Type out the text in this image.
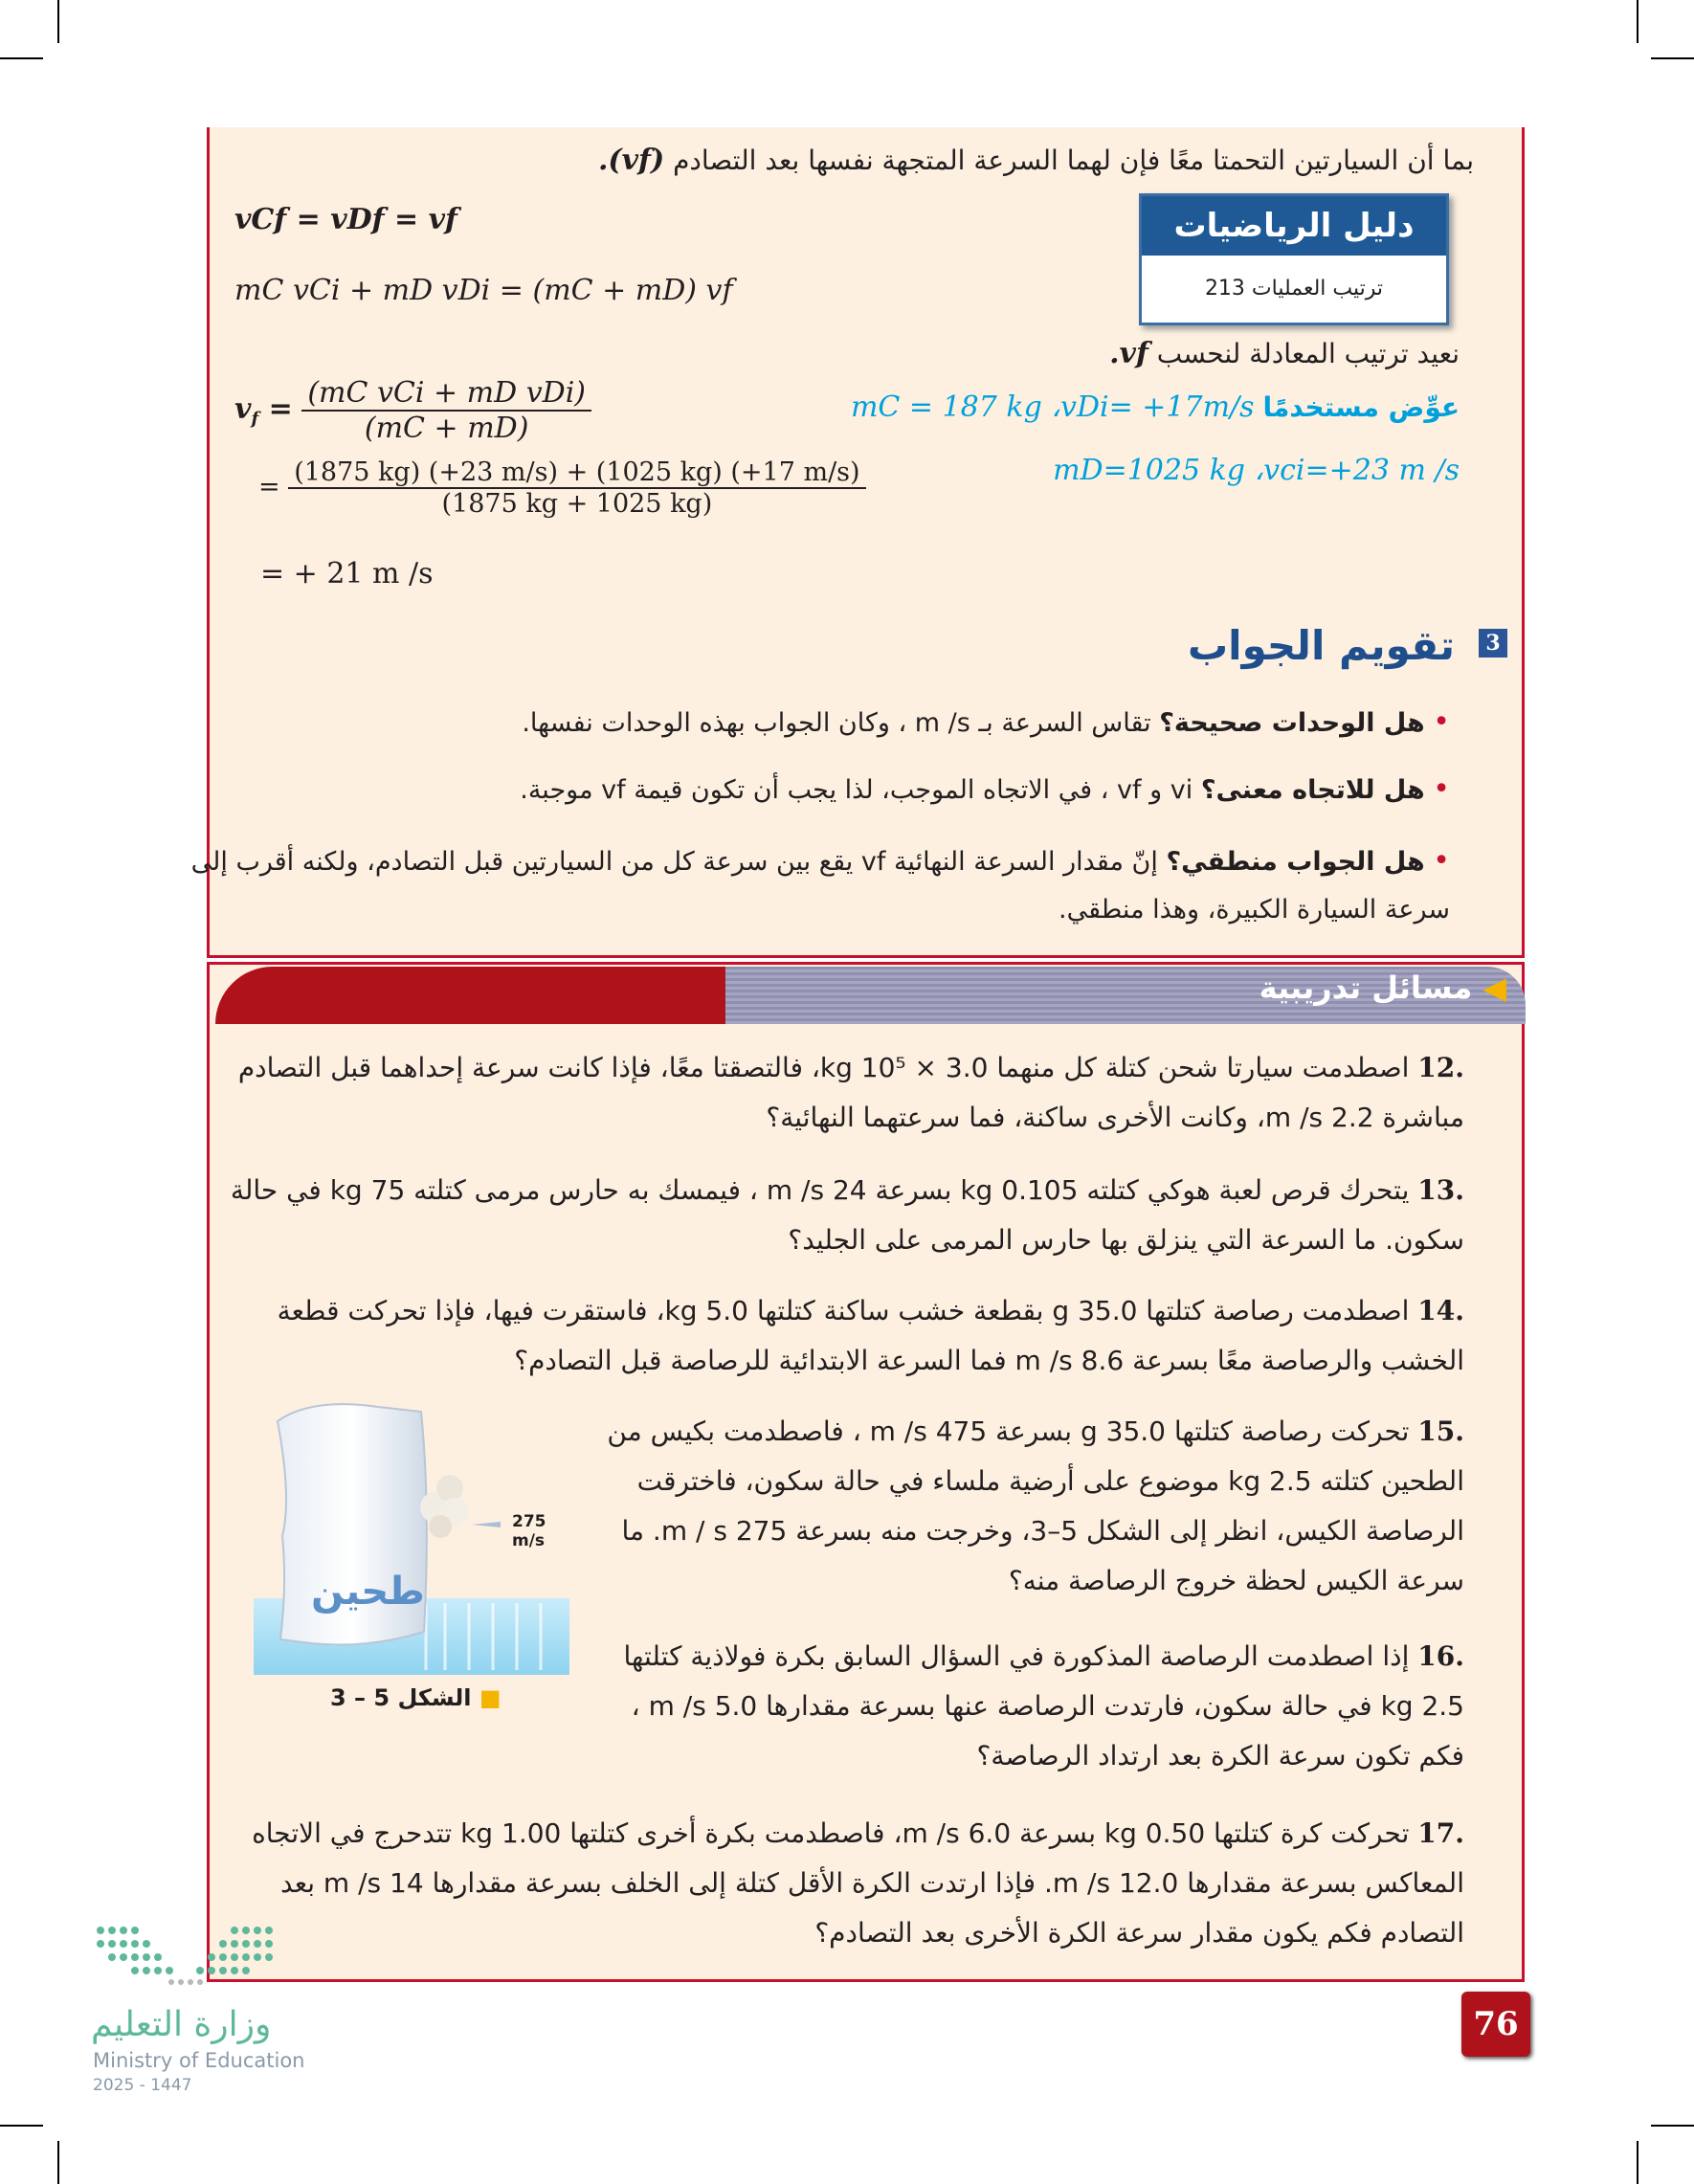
بما أن السيارتين التحمتا معًا فإن لهما السرعة المتجهة نفسها بعد التصادم (vf).
vCf = vDf = vf
mC vCi + mD vDi = (mC + mD) vf
دليل الرياضيات
ترتيب العمليات 213
نعيد ترتيب المعادلة لنحسب vf.
عوِّض مستخدمًا mC = 187 kg ،vDi= +17m/s
mD=1025 kg ،vci=+23 m /s
$v_f = \frac{\text{(mC vCi + mD vDi)}}{(mC + mD)}$
= $\frac{(1875 kg) (+23 m/s) + (1025 kg) (+17 m/s)}{(1875 kg + 1025 kg)}$
= + 21 m /s
3
تقويم الجواب
• هل الوحدات صحيحة؟ تقاس السرعة بـ m /s ، وكان الجواب بهذه الوحدات نفسها.
• هل للاتجاه معنى؟ vi و vf ، في الاتجاه الموجب، لذا يجب أن تكون قيمة vf موجبة.
• هل الجواب منطقي؟ إنّ مقدار السرعة النهائية vf يقع بين سرعة كل من السيارتين قبل التصادم، ولكنه أقرب إلى سرعة السيارة الكبيرة، وهذا منطقي.
مسائل تدريبية ◀
.12 اصطدمت سيارتا شحن كتلة كل منهما 3.0 × 10⁵ kg، فالتصقتا معًا، فإذا كانت سرعة إحداهما قبل التصادم مباشرة 2.2 m /s، وكانت الأخرى ساكنة، فما سرعتهما النهائية؟
.13 يتحرك قرص لعبة هوكي كتلته 0.105 kg بسرعة 24 m /s ، فيمسك به حارس مرمى كتلته 75 kg في حالة سكون. ما السرعة التي ينزلق بها حارس المرمى على الجليد؟
.14 اصطدمت رصاصة كتلتها 35.0 g بقطعة خشب ساكنة كتلتها 5.0 kg، فاستقرت فيها، فإذا تحركت قطعة الخشب والرصاصة معًا بسرعة 8.6 m /s فما السرعة الابتدائية للرصاصة قبل التصادم؟
.15 تحركت رصاصة كتلتها 35.0 g بسرعة 475 m /s ، فاصطدمت بكيس من الطحين كتلته 2.5 kg موضوع على أرضية ملساء في حالة سكون، فاخترقت الرصاصة الكيس، انظر إلى الشكل 5–3، وخرجت منه بسرعة 275 m / s. ما سرعة الكيس لحظة خروج الرصاصة منه؟
.16 إذا اصطدمت الرصاصة المذكورة في السؤال السابق بكرة فولاذية كتلتها 2.5 kg في حالة سكون، فارتدت الرصاصة عنها بسرعة مقدارها 5.0 m /s ، فكم تكون سرعة الكرة بعد ارتداد الرصاصة؟
.17 تحركت كرة كتلتها 0.50 kg بسرعة 6.0 m /s، فاصطدمت بكرة أخرى كتلتها 1.00 kg تتدحرج في الاتجاه المعاكس بسرعة مقدارها 12.0 m /s. فإذا ارتدت الكرة الأقل كتلة إلى الخلف بسرعة مقدارها 14 m /s بعد التصادم فكم يكون مقدار سرعة الكرة الأخرى بعد التصادم؟
طحين
275 m/s
الشكل 5 – 3 ■
76
وزارة التعليم
Ministry of Education
2025 - 1447
